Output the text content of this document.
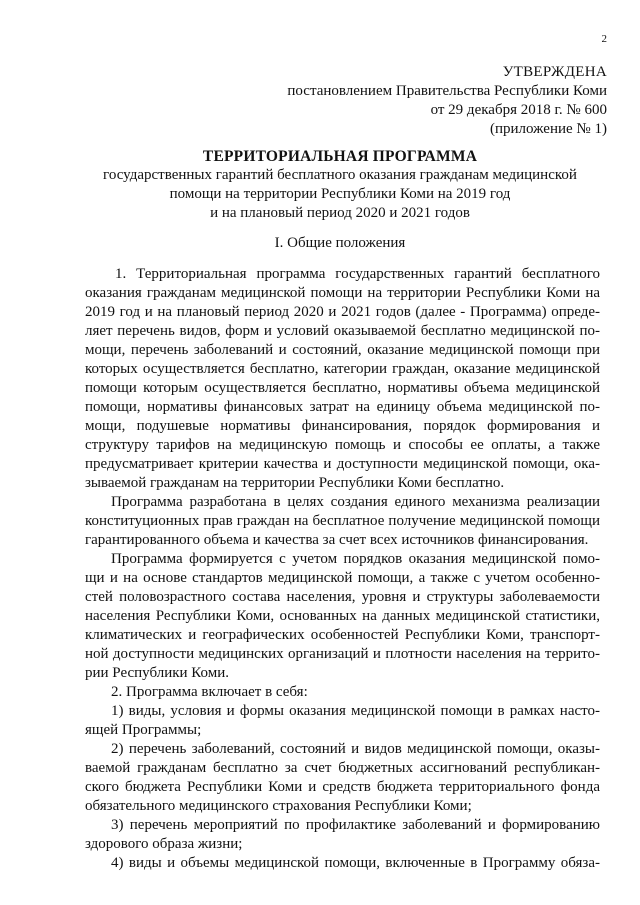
2
УТВЕРЖДЕНА
постановлением Правительства Республики Коми
от 29 декабря 2018 г. № 600
(приложение № 1)
ТЕРРИТОРИАЛЬНАЯ ПРОГРАММА
государственных гарантий бесплатного оказания гражданам медицинской
помощи на территории Республики Коми на 2019 год
и на плановый период 2020 и 2021 годов
I. Общие положения
1. Территориальная программа государственных гарантий бесплатного
оказания гражданам медицинской помощи на территории Республики Коми на
2019 год и на плановый период 2020 и 2021 годов (далее - Программа) опреде-
ляет перечень видов, форм и условий оказываемой бесплатно медицинской по-
мощи, перечень заболеваний и состояний, оказание медицинской помощи при
которых осуществляется бесплатно, категории граждан, оказание медицинской
помощи которым осуществляется бесплатно, нормативы объема медицинской
помощи, нормативы финансовых затрат на единицу объема медицинской по-
мощи, подушевые нормативы финансирования, порядок формирования и
структуру тарифов на медицинскую помощь и способы ее оплаты, а также
предусматривает критерии качества и доступности медицинской помощи, ока-
зываемой гражданам на территории Республики Коми бесплатно.
Программа разработана в целях создания единого механизма реализации
конституционных прав граждан на бесплатное получение медицинской помощи
гарантированного объема и качества за счет всех источников финансирования.
Программа формируется с учетом порядков оказания медицинской помо-
щи и на основе стандартов медицинской помощи, а также с учетом особенно-
стей половозрастного состава населения, уровня и структуры заболеваемости
населения Республики Коми, основанных на данных медицинской статистики,
климатических и географических особенностей Республики Коми, транспорт-
ной доступности медицинских организаций и плотности населения на террито-
рии Республики Коми.
2. Программа включает в себя:
1) виды, условия и формы оказания медицинской помощи в рамках насто-
ящей Программы;
2) перечень заболеваний, состояний и видов медицинской помощи, оказы-
ваемой гражданам бесплатно за счет бюджетных ассигнований республикан-
ского бюджета Республики Коми и средств бюджета территориального фонда
обязательного медицинского страхования Республики Коми;
3) перечень мероприятий по профилактике заболеваний и формированию
здорового образа жизни;
4) виды и объемы медицинской помощи, включенные в Программу обяза-
